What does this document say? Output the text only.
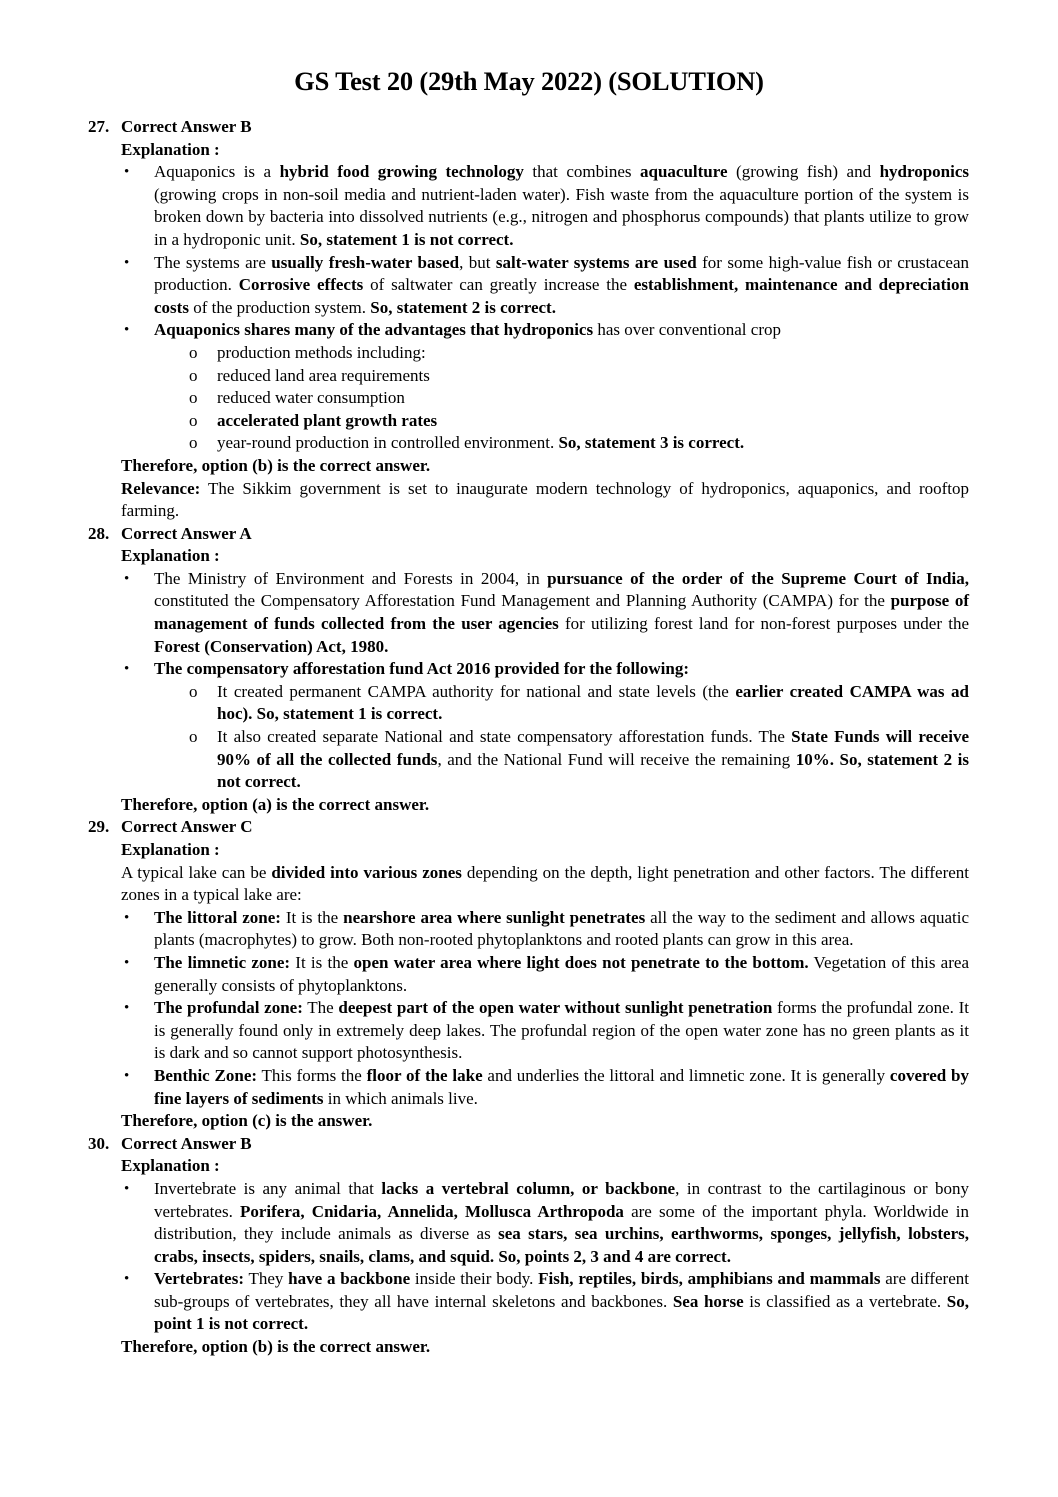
GS Test 20 (29th May 2022) (SOLUTION)
27. Correct Answer B
Explanation :
• Aquaponics is a hybrid food growing technology that combines aquaculture (growing fish) and hydroponics (growing crops in non-soil media and nutrient-laden water). Fish waste from the aquaculture portion of the system is broken down by bacteria into dissolved nutrients (e.g., nitrogen and phosphorus compounds) that plants utilize to grow in a hydroponic unit. So, statement 1 is not correct.
• The systems are usually fresh-water based, but salt-water systems are used for some high-value fish or crustacean production. Corrosive effects of saltwater can greatly increase the establishment, maintenance and depreciation costs of the production system. So, statement 2 is correct.
• Aquaponics shares many of the advantages that hydroponics has over conventional crop
o production methods including:
o reduced land area requirements
o reduced water consumption
o accelerated plant growth rates
o year-round production in controlled environment. So, statement 3 is correct.
Therefore, option (b) is the correct answer.
Relevance: The Sikkim government is set to inaugurate modern technology of hydroponics, aquaponics, and rooftop farming.
28. Correct Answer A
Explanation :
• The Ministry of Environment and Forests in 2004, in pursuance of the order of the Supreme Court of India, constituted the Compensatory Afforestation Fund Management and Planning Authority (CAMPA) for the purpose of management of funds collected from the user agencies for utilizing forest land for non-forest purposes under the Forest (Conservation) Act, 1980.
• The compensatory afforestation fund Act 2016 provided for the following:
o It created permanent CAMPA authority for national and state levels (the earlier created CAMPA was ad hoc). So, statement 1 is correct.
o It also created separate National and state compensatory afforestation funds. The State Funds will receive 90% of all the collected funds, and the National Fund will receive the remaining 10%. So, statement 2 is not correct.
Therefore, option (a) is the correct answer.
29. Correct Answer C
Explanation :
A typical lake can be divided into various zones depending on the depth, light penetration and other factors. The different zones in a typical lake are:
• The littoral zone: It is the nearshore area where sunlight penetrates all the way to the sediment and allows aquatic plants (macrophytes) to grow. Both non-rooted phytoplanktons and rooted plants can grow in this area.
• The limnetic zone: It is the open water area where light does not penetrate to the bottom. Vegetation of this area generally consists of phytoplanktons.
• The profundal zone: The deepest part of the open water without sunlight penetration forms the profundal zone. It is generally found only in extremely deep lakes. The profundal region of the open water zone has no green plants as it is dark and so cannot support photosynthesis.
• Benthic Zone: This forms the floor of the lake and underlies the littoral and limnetic zone. It is generally covered by fine layers of sediments in which animals live.
Therefore, option (c) is the answer.
30. Correct Answer B
Explanation :
• Invertebrate is any animal that lacks a vertebral column, or backbone, in contrast to the cartilaginous or bony vertebrates. Porifera, Cnidaria, Annelida, Mollusca Arthropoda are some of the important phyla. Worldwide in distribution, they include animals as diverse as sea stars, sea urchins, earthworms, sponges, jellyfish, lobsters, crabs, insects, spiders, snails, clams, and squid. So, points 2, 3 and 4 are correct.
• Vertebrates: They have a backbone inside their body. Fish, reptiles, birds, amphibians and mammals are different sub-groups of vertebrates, they all have internal skeletons and backbones. Sea horse is classified as a vertebrate. So, point 1 is not correct.
Therefore, option (b) is the correct answer.
